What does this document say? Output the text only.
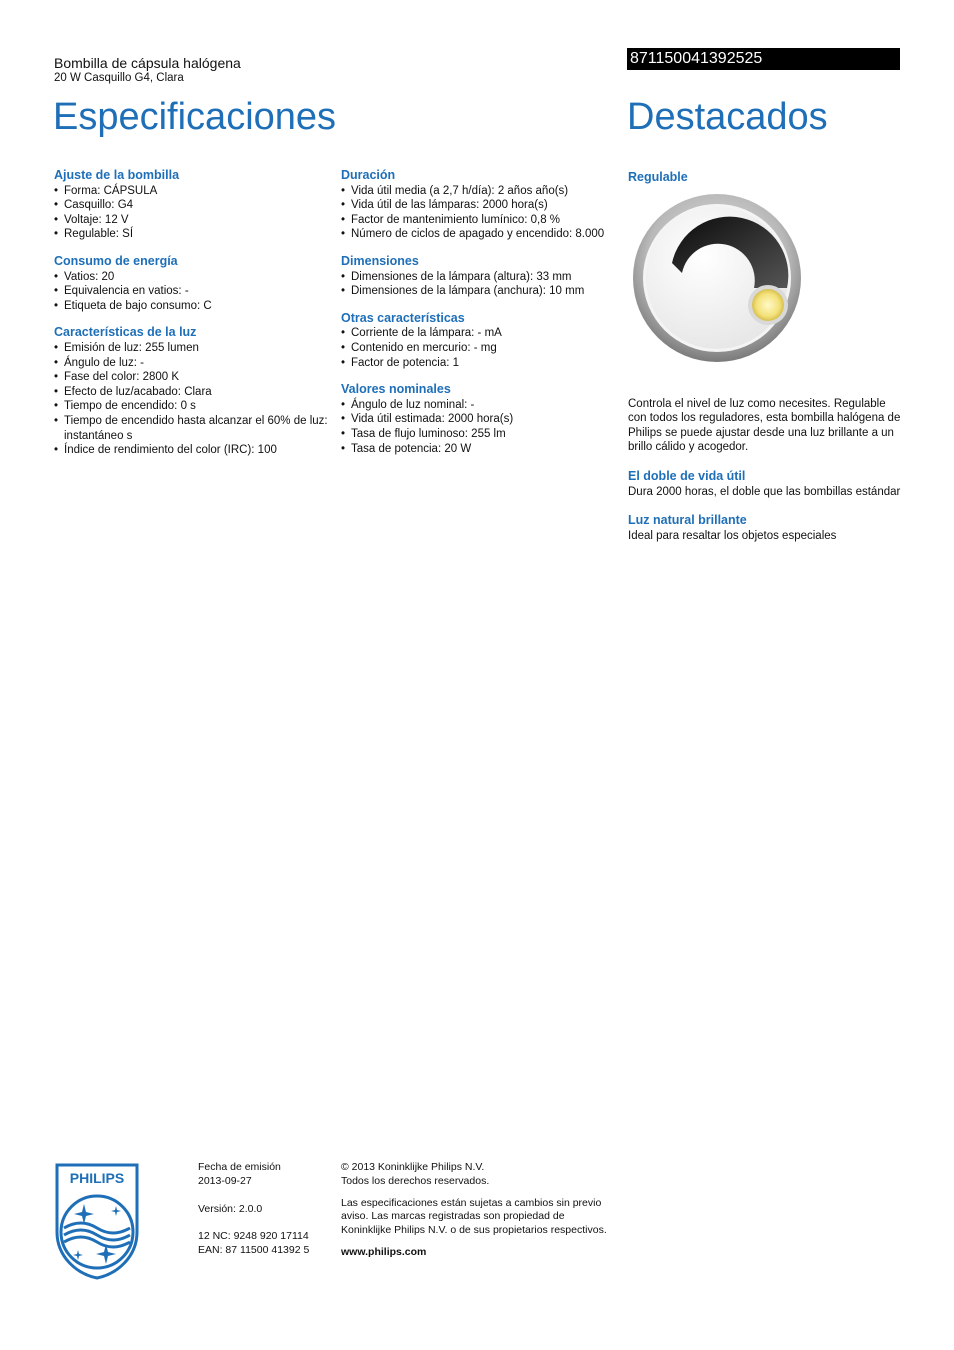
Bombilla de cápsula halógena
20 W Casquillo G4, Clara
871150041392525
Especificaciones	Destacados
Ajuste de la bombilla
• Forma: CÁPSULA
• Casquillo: G4
• Voltaje: 12 V
• Regulable: SÍ
Consumo de energía
• Vatios: 20
• Equivalencia en vatios: -
• Etiqueta de bajo consumo: C
Características de la luz
• Emisión de luz: 255 lumen
• Ángulo de luz: -
• Fase del color: 2800 K
• Efecto de luz/acabado: Clara
• Tiempo de encendido: 0 s
• Tiempo de encendido hasta alcanzar el 60% de luz: instantáneo s
• Índice de rendimiento del color (IRC): 100
Duración
• Vida útil media (a 2,7 h/día): 2 años año(s)
• Vida útil de las lámparas: 2000 hora(s)
• Factor de mantenimiento lumínico: 0,8 %
• Número de ciclos de apagado y encendido: 8.000
Dimensiones
• Dimensiones de la lámpara (altura): 33 mm
• Dimensiones de la lámpara (anchura): 10 mm
Otras características
• Corriente de la lámpara: - mA
• Contenido en mercurio: - mg
• Factor de potencia: 1
Valores nominales
• Ángulo de luz nominal: -
• Vida útil estimada: 2000 hora(s)
• Tasa de flujo luminoso: 255 lm
• Tasa de potencia: 20 W
Regulable
Controla el nivel de luz como necesites. Regulable con todos los reguladores, esta bombilla halógena de Philips se puede ajustar desde una luz brillante a un brillo cálido y acogedor.
El doble de vida útil
Dura 2000 horas, el doble que las bombillas estándar
Luz natural brillante
Ideal para resaltar los objetos especiales
PHILIPS
Fecha de emisión
2013-09-27
Versión: 2.0.0
12 NC: 9248 920 17114
EAN: 87 11500 41392 5
© 2013 Koninklijke Philips N.V.
Todos los derechos reservados.
Las especificaciones están sujetas a cambios sin previo aviso. Las marcas registradas son propiedad de Koninklijke Philips N.V. o de sus propietarios respectivos.
www.philips.com
